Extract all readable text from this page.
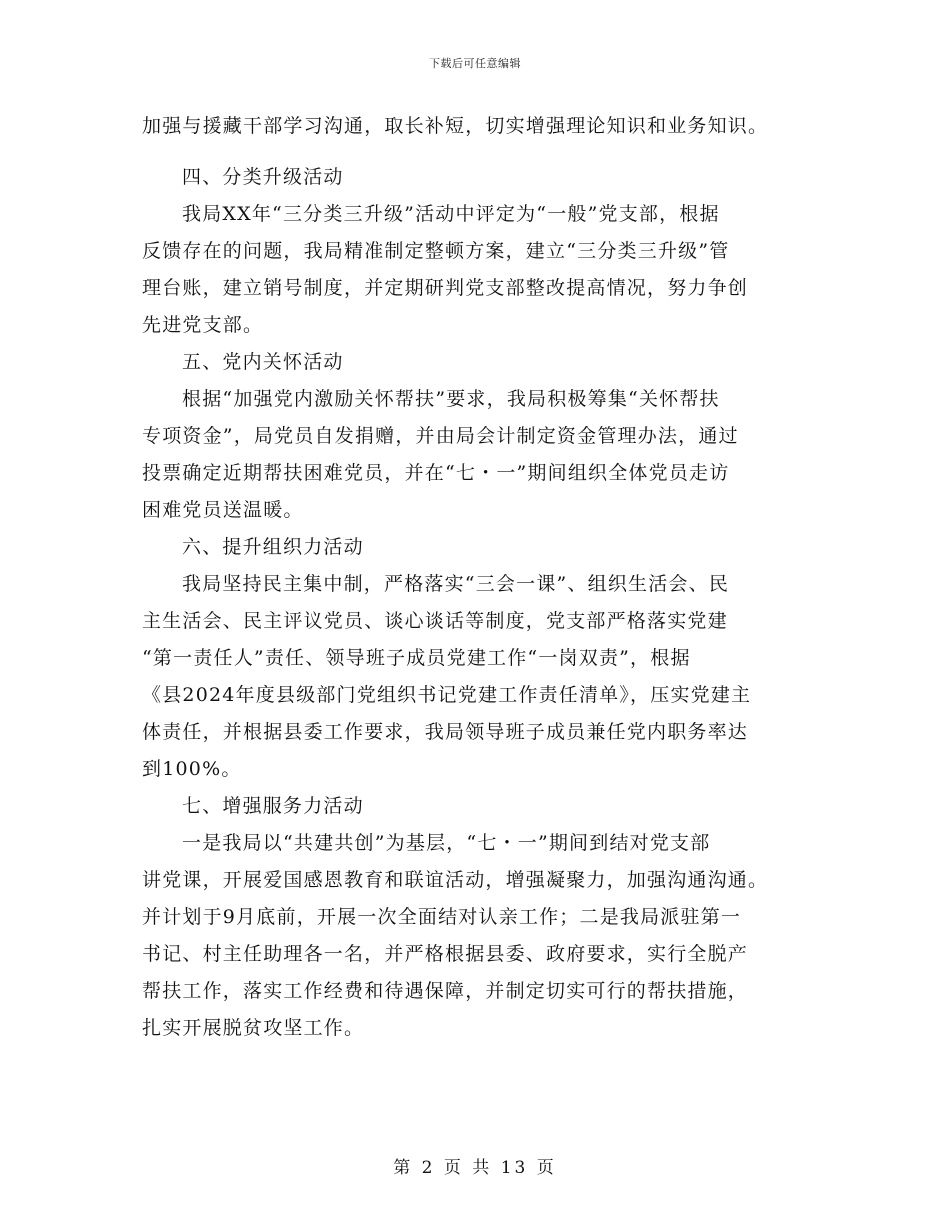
下载后可任意编辑
加强与援藏干部学习沟通，取长补短，切实增强理论知识和业务知识。
四、分类升级活动
我局XX年“三分类三升级”活动中评定为“一般”党支部，根据
反馈存在的问题，我局精准制定整顿方案，建立“三分类三升级”管
理台账，建立销号制度，并定期研判党支部整改提高情况，努力争创
先进党支部。
五、党内关怀活动
根据“加强党内激励关怀帮扶”要求，我局积极筹集“关怀帮扶
专项资金”，局党员自发捐赠，并由局会计制定资金管理办法，通过
投票确定近期帮扶困难党员，并在“七・一”期间组织全体党员走访
困难党员送温暖。
六、提升组织力活动
我局坚持民主集中制，严格落实“三会一课”、组织生活会、民
主生活会、民主评议党员、谈心谈话等制度，党支部严格落实党建
“第一责任人”责任、领导班子成员党建工作“一岗双责”，根据
《县2024年度县级部门党组织书记党建工作责任清单》，压实党建主
体责任，并根据县委工作要求，我局领导班子成员兼任党内职务率达
到100%。
七、增强服务力活动
一是我局以“共建共创”为基层，“七・一”期间到结对党支部
讲党课，开展爱国感恩教育和联谊活动，增强凝聚力，加强沟通沟通。
并计划于9月底前，开展一次全面结对认亲工作；二是我局派驻第一
书记、村主任助理各一名，并严格根据县委、政府要求，实行全脱产
帮扶工作，落实工作经费和待遇保障，并制定切实可行的帮扶措施，
扎实开展脱贫攻坚工作。
第 2 页 共 13 页
